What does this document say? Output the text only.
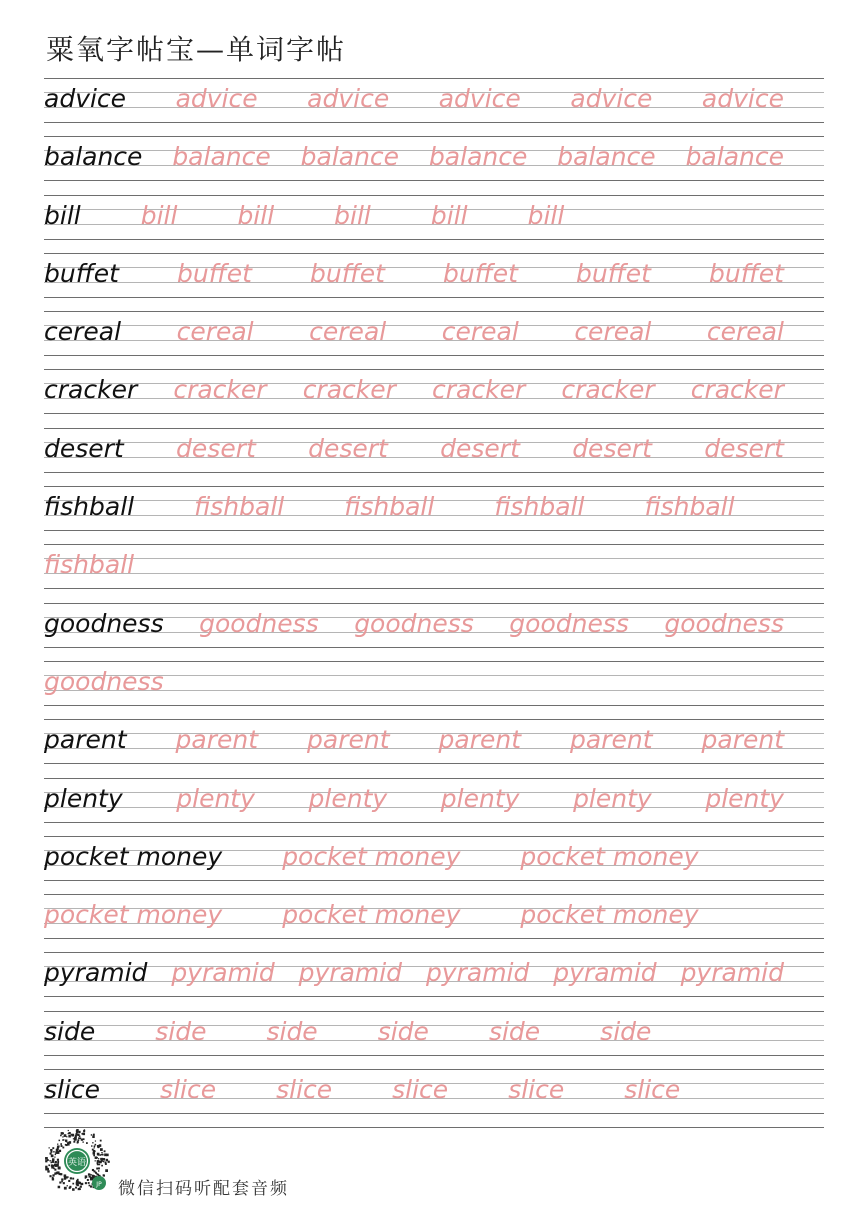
粟氧字帖宝—单词字帖
advice advice advice advice advice advice
balance balance balance balance balance balance
bill bill bill bill bill bill
buffet buffet buffet buffet buffet buffet
cereal cereal cereal cereal cereal cereal
cracker cracker cracker cracker cracker cracker
desert desert desert desert desert desert
fishball fishball fishball fishball fishball
fishball
goodness goodness goodness goodness goodness
goodness
parent parent parent parent parent parent
plenty plenty plenty plenty plenty plenty
pocket money pocket money pocket money
pocket money pocket money pocket money
pyramid pyramid pyramid pyramid pyramid pyramid
side side side side side side
slice slice slice slice slice slice
英语
JP 微信扫码听配套音频
